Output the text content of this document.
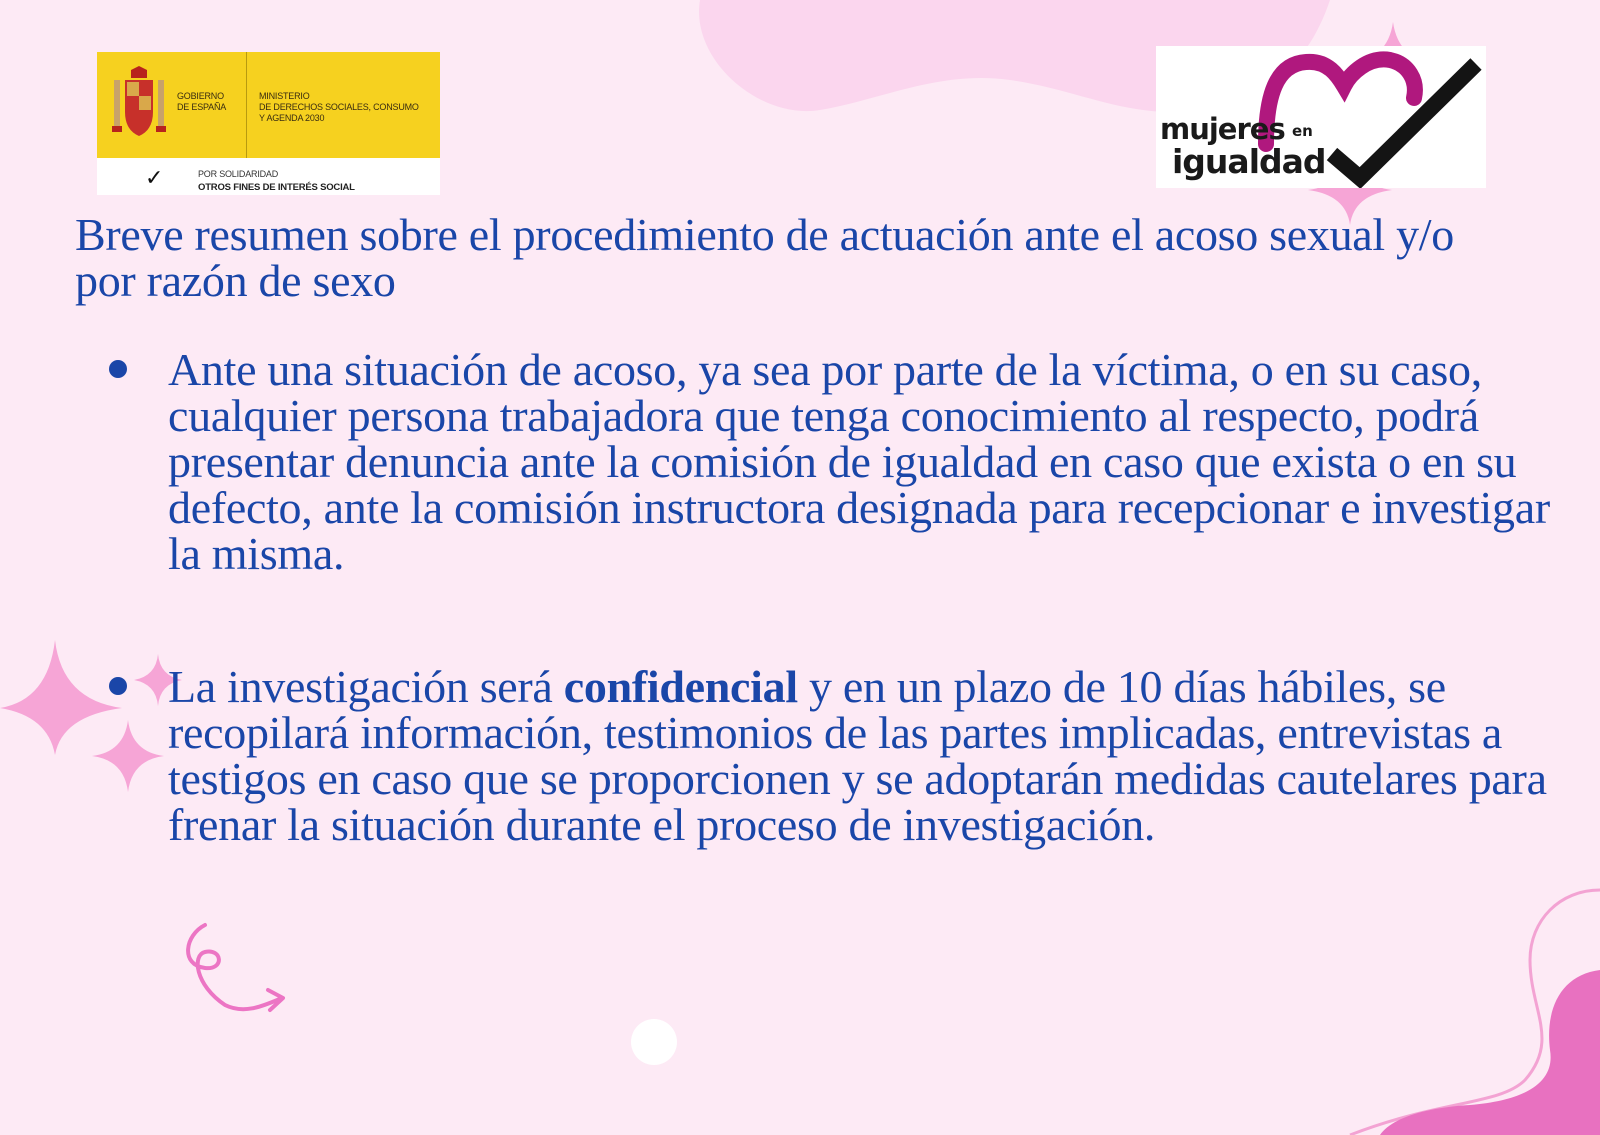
GOBIERNO
DE ESPAÑA
MINISTERIO
DE DERECHOS SOCIALES, CONSUMO
Y AGENDA 2030
✓	POR SOLIDARIDAD
OTROS FINES DE INTERÉS SOCIAL
mujeres en
igualdad
Breve resumen sobre el procedimiento de actuación ante el acoso sexual y/o por razón de sexo
Ante una situación de acoso, ya sea por parte de la víctima, o en su caso, cualquier persona trabajadora que tenga conocimiento al respecto, podrá presentar denuncia ante la comisión de igualdad en caso que exista o en su defecto, ante la comisión instructora designada para recepcionar e investigar la misma.
La investigación será confidencial y en un plazo de 10 días hábiles, se recopilará información, testimonios de las partes implicadas, entrevistas a testigos en caso que se proporcionen y se adoptarán medidas cautelares para frenar la situación durante el proceso de investigación.
